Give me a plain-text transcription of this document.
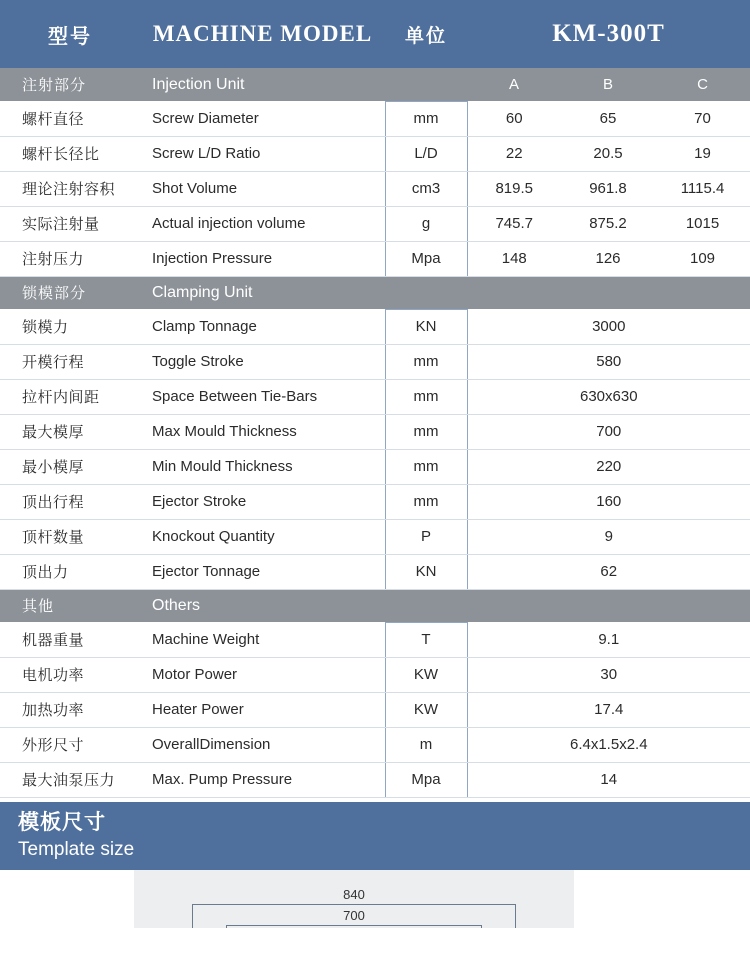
型号	MACHINE MODEL	单位	KM-300T		
注射部分	Injection Unit		A	B	C
螺杆直径	Screw Diameter	mm	60	65	70
螺杆长径比	Screw L/D Ratio	L/D	22	20.5	19
理论注射容积	Shot Volume	cm3	819.5	961.8	1115.4
实际注射量	Actual injection volume	g	745.7	875.2	1015
注射压力	Injection Pressure	Mpa	148	126	109
锁模部分	Clamping Unit				
锁模力	Clamp Tonnage	KN	3000		
开模行程	Toggle Stroke	mm	580		
拉杆内间距	Space Between Tie-Bars	mm	630x630		
最大模厚	Max Mould Thickness	mm	700		
最小模厚	Min Mould Thickness	mm	220		
顶出行程	Ejector Stroke	mm	160		
顶杆数量	Knockout Quantity	P	9		
顶出力	Ejector Tonnage	KN	62		
其他	Others				
机器重量	Machine Weight	T	9.1		
电机功率	Motor Power	KW	30		
加热功率	Heater Power	KW	17.4		
外形尺寸	OverallDimension	m	6.4x1.5x2.4		
最大油泵压力	Max. Pump Pressure	Mpa	14		
模板尺寸
Template size
840
700
